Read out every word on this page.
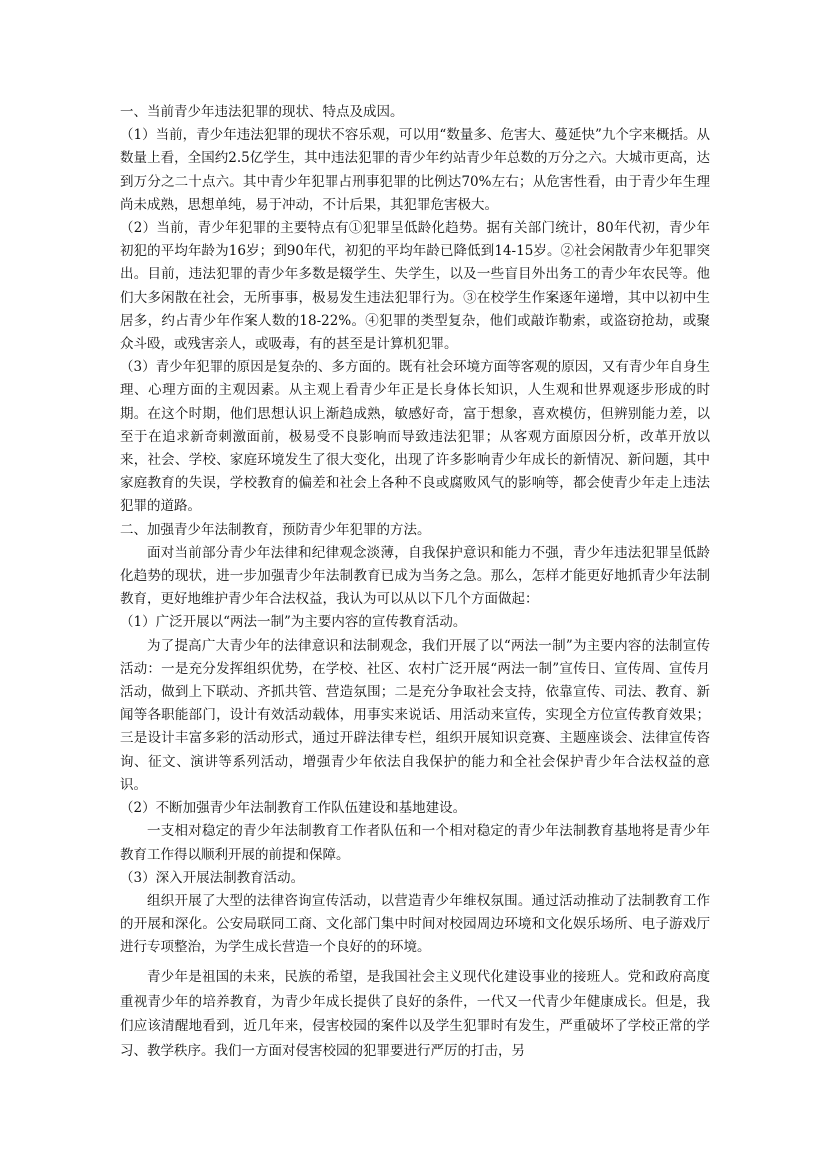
一、当前青少年违法犯罪的现状、特点及成因。

（1）当前，青少年违法犯罪的现状不容乐观，可以用“数量多、危害大、蔓延快”九个字来概括。从数量上看，全国约2.5亿学生，其中违法犯罪的青少年约站青少年总数的万分之六。大城市更高，达到万分之二十点六。其中青少年犯罪占刑事犯罪的比例达70%左右；从危害性看，由于青少年生理尚未成熟，思想单纯，易于冲动，不计后果，其犯罪危害极大。

（2）当前，青少年犯罪的主要特点有①犯罪呈低龄化趋势。据有关部门统计，80年代初，青少年初犯的平均年龄为16岁；到90年代，初犯的平均年龄已降低到14-15岁。②社会闲散青少年犯罪突出。目前，违法犯罪的青少年多数是辍学生、失学生，以及一些盲目外出务工的青少年农民等。他们大多闲散在社会，无所事事，极易发生违法犯罪行为。③在校学生作案逐年递增，其中以初中生居多，约占青少年作案人数的18-22%。④犯罪的类型复杂，他们或敲诈勒索，或盗窃抢劫，或聚众斗殴，或残害亲人，或吸毒，有的甚至是计算机犯罪。

（3）青少年犯罪的原因是复杂的、多方面的。既有社会环境方面等客观的原因，又有青少年自身生理、心理方面的主观因素。从主观上看青少年正是长身体长知识，人生观和世界观逐步形成的时期。在这个时期，他们思想认识上渐趋成熟，敏感好奇，富于想象，喜欢模仿，但辨别能力差，以至于在追求新奇刺激面前，极易受不良影响而导致违法犯罪；从客观方面原因分析，改革开放以来，社会、学校、家庭环境发生了很大变化，出现了许多影响青少年成长的新情况、新问题，其中家庭教育的失误，学校教育的偏差和社会上各种不良或腐败风气的影响等，都会使青少年走上违法犯罪的道路。

二、加强青少年法制教育，预防青少年犯罪的方法。

面对当前部分青少年法律和纪律观念淡薄，自我保护意识和能力不强，青少年违法犯罪呈低龄化趋势的现状，进一步加强青少年法制教育已成为当务之急。那么，怎样才能更好地抓青少年法制教育，更好地维护青少年合法权益，我认为可以从以下几个方面做起：

（1）广泛开展以“两法一制”为主要内容的宣传教育活动。

为了提高广大青少年的法律意识和法制观念，我们开展了以“两法一制”为主要内容的法制宣传活动：一是充分发挥组织优势，在学校、社区、农村广泛开展“两法一制”宣传日、宣传周、宣传月活动，做到上下联动、齐抓共管、营造氛围；二是充分争取社会支持，依靠宣传、司法、教育、新闻等各职能部门，设计有效活动载体，用事实来说话、用活动来宣传，实现全方位宣传教育效果；三是设计丰富多彩的活动形式，通过开辟法律专栏，组织开展知识竞赛、主题座谈会、法律宣传咨询、征文、演讲等系列活动，增强青少年依法自我保护的能力和全社会保护青少年合法权益的意识。

（2）不断加强青少年法制教育工作队伍建设和基地建设。

一支相对稳定的青少年法制教育工作者队伍和一个相对稳定的青少年法制教育基地将是青少年教育工作得以顺利开展的前提和保障。

（3）深入开展法制教育活动。

组织开展了大型的法律咨询宣传活动，以营造青少年维权氛围。通过活动推动了法制教育工作的开展和深化。公安局联同工商、文化部门集中时间对校园周边环境和文化娱乐场所、电子游戏厅进行专项整治，为学生成长营造一个良好的的环境。

青少年是祖国的未来，民族的希望，是我国社会主义现代化建设事业的接班人。党和政府高度重视青少年的培养教育，为青少年成长提供了良好的条件，一代又一代青少年健康成长。但是，我们应该清醒地看到，近几年来，侵害校园的案件以及学生犯罪时有发生，严重破坏了学校正常的学习、教学秩序。我们一方面对侵害校园的犯罪要进行严厉的打击，另
